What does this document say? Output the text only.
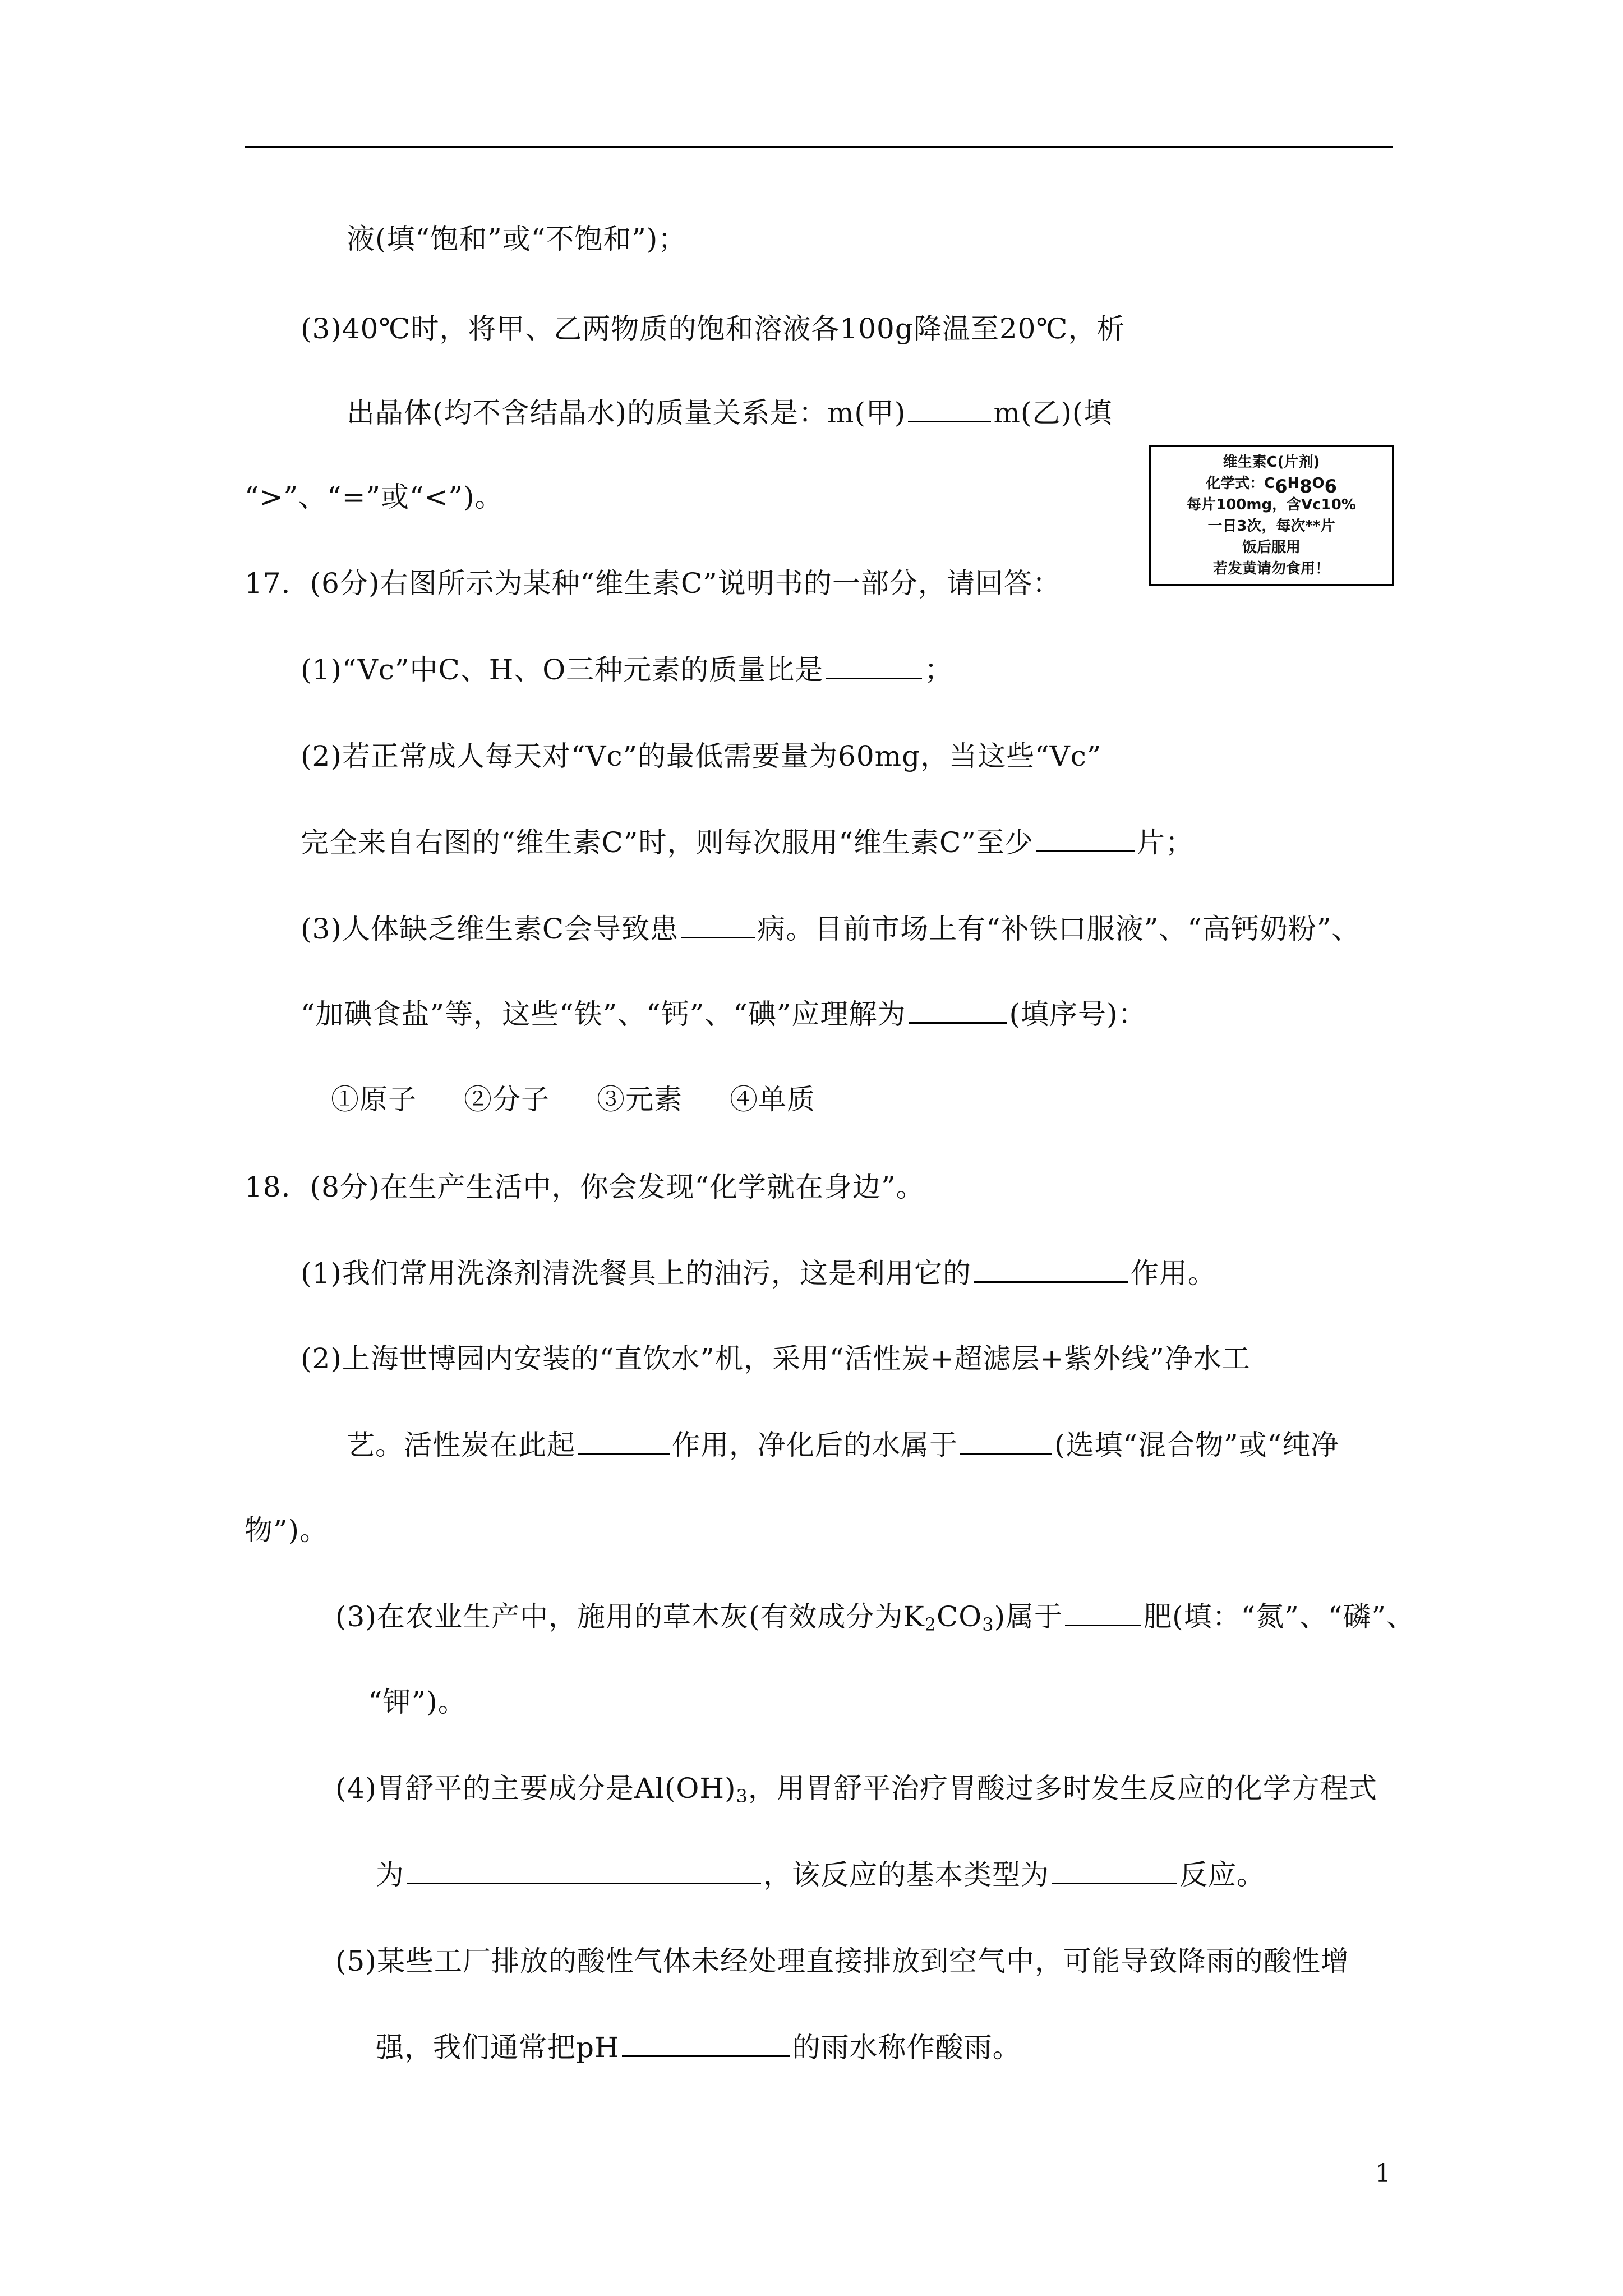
液(填“饱和”或“不饱和”)；
(3)40℃时，将甲、乙两物质的饱和溶液各100g降温至20℃，析
出晶体(均不含结晶水)的质量关系是：m(甲)	m(乙)(填
“>”、“=”或“<”)。
维生素C(片剂)
化学式：$C_6H_8O_6$
每片100mg，含Vc10%
一日3次，每次**片
饭后服用
若发黄请勿食用！
17．(6分)右图所示为某种“维生素C”说明书的一部分，请回答：
(1)“Vc”中C、H、O三种元素的质量比是	；
(2)若正常成人每天对“Vc”的最低需要量为60mg，当这些“Vc”
完全来自右图的“维生素C”时，则每次服用“维生素C”至少	片；
(3)人体缺乏维生素C会导致患	病。目前市场上有“补铁口服液”、“高钙奶粉”、
“加碘食盐”等，这些“铁”、“钙”、“碘”应理解为	(填序号)：
①原子 ②分子 ③元素 ④单质
18．(8分)在生产生活中，你会发现“化学就在身边”。
(1)我们常用洗涤剂清洗餐具上的油污，这是利用它的	作用。
(2)上海世博园内安装的“直饮水”机，采用“活性炭+超滤层+紫外线”净水工
艺。活性炭在此起	作用，净化后的水属于	(选填“混合物”或“纯净
物”)。
(3)在农业生产中，施用的草木灰(有效成分为$K_2CO_3$)属于	肥(填：“氮”、“磷”、
“钾”)。
(4)胃舒平的主要成分是$Al(OH)_3$，用胃舒平治疗胃酸过多时发生反应的化学方程式
为	，该反应的基本类型为	反应。
(5)某些工厂排放的酸性气体未经处理直接排放到空气中，可能导致降雨的酸性增
强，我们通常把pH	的雨水称作酸雨。
1
